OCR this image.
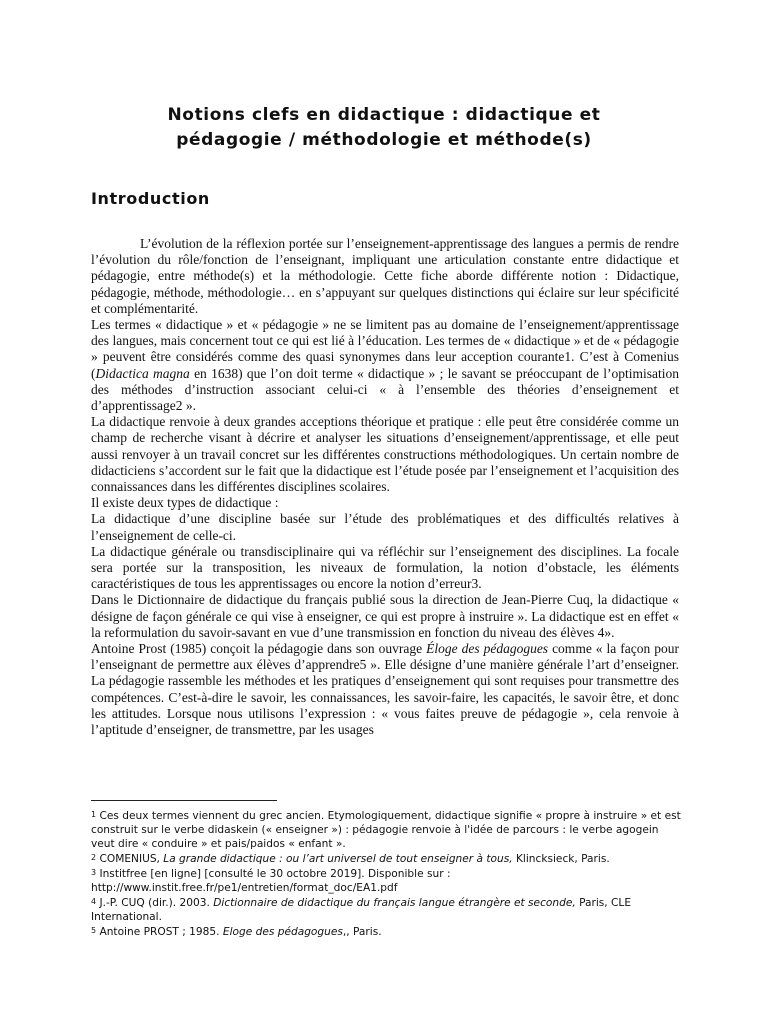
Notions clefs en didactique : didactique et
pédagogie / méthodologie et méthode(s)
Introduction

L’évolution de la réflexion portée sur l’enseignement-apprentissage des langues a permis de rendre l’évolution du rôle/fonction de l’enseignant, impliquant une articulation constante entre didactique et pédagogie, entre méthode(s) et la méthodologie. Cette fiche aborde différente notion : Didactique, pédagogie, méthode, méthodologie… en s’appuyant sur quelques distinctions qui éclaire sur leur spécificité et complémentarité.

Les termes « didactique » et « pédagogie » ne se limitent pas au domaine de l’enseignement/apprentissage des langues, mais concernent tout ce qui est lié à l’éducation. Les termes de « didactique » et de « pédagogie » peuvent être considérés comme des quasi synonymes dans leur acception courante1. C’est à Comenius (Didactica magna en 1638) que l’on doit terme « didactique » ; le savant se préoccupant de l’optimisation des méthodes d’instruction associant celui-ci « à l’ensemble des théories d’enseignement et d’apprentissage2 ».

La didactique renvoie à deux grandes acceptions théorique et pratique : elle peut être considérée comme un champ de recherche visant à décrire et analyser les situations d’enseignement/apprentissage, et elle peut aussi renvoyer à un travail concret sur les différentes constructions méthodologiques. Un certain nombre de didacticiens s’accordent sur le fait que la didactique est l’étude posée par l’enseignement et l’acquisition des connaissances dans les différentes disciplines scolaires.

Il existe deux types de didactique :

La didactique d’une discipline basée sur l’étude des problématiques et des difficultés relatives à l’enseignement de celle-ci.

La didactique générale ou transdisciplinaire qui va réfléchir sur l’enseignement des disciplines. La focale sera portée sur la transposition, les niveaux de formulation, la notion d’obstacle, les éléments caractéristiques de tous les apprentissages ou encore la notion d’erreur3.

Dans le Dictionnaire de didactique du français publié sous la direction de Jean-Pierre Cuq, la didactique « désigne de façon générale ce qui vise à enseigner, ce qui est propre à instruire ». La didactique est en effet « la reformulation du savoir-savant en vue d’une transmission en fonction du niveau des élèves 4».

Antoine Prost (1985) conçoit la pédagogie dans son ouvrage Éloge des pédagogues comme « la façon pour l’enseignant de permettre aux élèves d’apprendre5 ». Elle désigne d’une manière générale l’art d’enseigner. La pédagogie rassemble les méthodes et les pratiques d’enseignement qui sont requises pour transmettre des compétences. C’est-à-dire le savoir, les connaissances, les savoir-faire, les capacités, le savoir être, et donc les attitudes. Lorsque nous utilisons l’expression : « vous faites preuve de pédagogie », cela renvoie à l’aptitude d’enseigner, de transmettre, par les usages

$^1$ Ces deux termes viennent du grec ancien. Etymologiquement, didactique signifie « propre à instruire » et est construit sur le verbe didaskein (« enseigner ») : pédagogie renvoie à l'idée de parcours : le verbe agogein veut dire « conduire » et pais/paidos « enfant ».

$^2$ COMENIUS, La grande didactique : ou l’art universel de tout enseigner à tous, Klincksieck, Paris.

$^3$ Institfree [en ligne] [consulté le 30 octobre 2019]. Disponible sur : http://www.instit.free.fr/pe1/entretien/format_doc/EA1.pdf

$^4$ J.-P. CUQ (dir.). 2003. Dictionnaire de didactique du français langue étrangère et seconde, Paris, CLE International.

$^5$ Antoine PROST ; 1985. Eloge des pédagogues,, Paris.
